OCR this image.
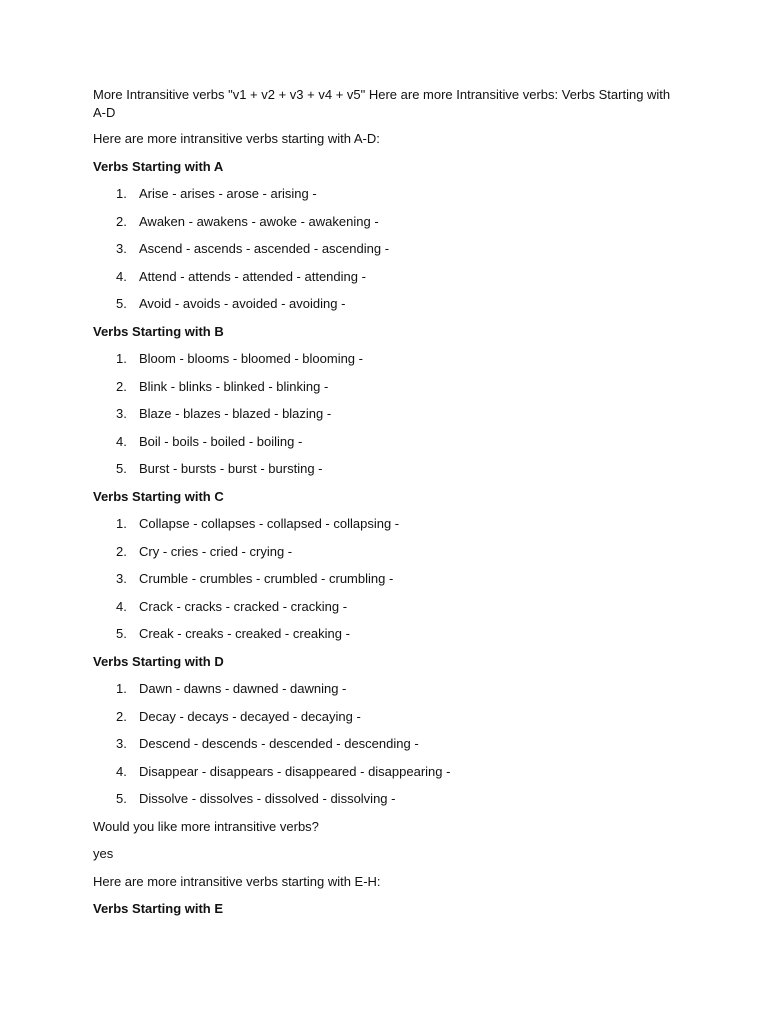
More Intransitive verbs "v1 + v2 + v3 + v4 + v5" Here are more Intransitive verbs: Verbs Starting with A-D
Here are more intransitive verbs starting with A-D:
Verbs Starting with A
1. Arise - arises - arose - arising -
2. Awaken - awakens - awoke - awakening -
3. Ascend - ascends - ascended - ascending -
4. Attend - attends - attended - attending -
5. Avoid - avoids - avoided - avoiding -
Verbs Starting with B
1. Bloom - blooms - bloomed - blooming -
2. Blink - blinks - blinked - blinking -
3. Blaze - blazes - blazed - blazing -
4. Boil - boils - boiled - boiling -
5. Burst - bursts - burst - bursting -
Verbs Starting with C
1. Collapse - collapses - collapsed - collapsing -
2. Cry - cries - cried - crying -
3. Crumble - crumbles - crumbled - crumbling -
4. Crack - cracks - cracked - cracking -
5. Creak - creaks - creaked - creaking -
Verbs Starting with D
1. Dawn - dawns - dawned - dawning -
2. Decay - decays - decayed - decaying -
3. Descend - descends - descended - descending -
4. Disappear - disappears - disappeared - disappearing -
5. Dissolve - dissolves - dissolved - dissolving -
Would you like more intransitive verbs?
yes
Here are more intransitive verbs starting with E-H:
Verbs Starting with E
